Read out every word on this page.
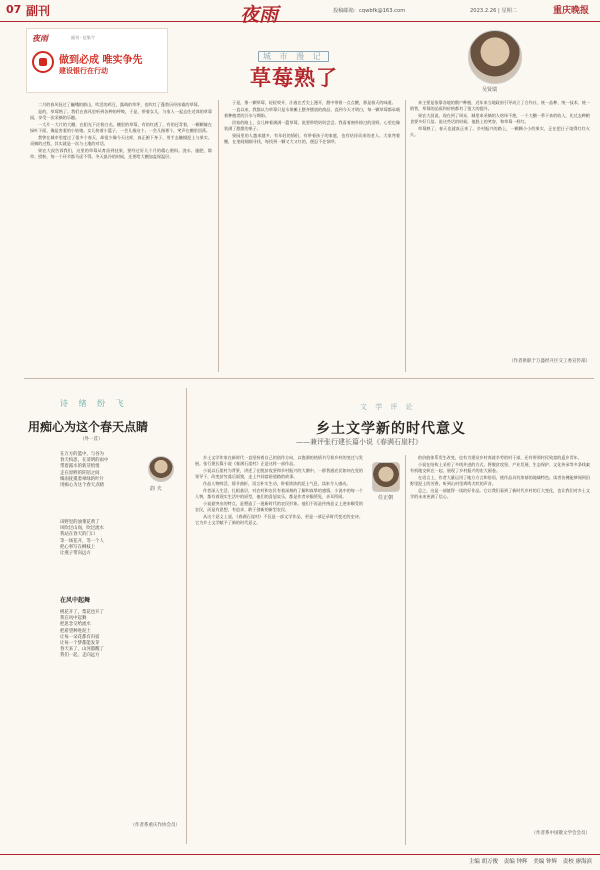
07 副刊	夜雨	投稿邮箱：cqwbfk@163.com	2023.2.26 | 星期二	重庆晚报
夜雨	副刊 · 征集令
做到必成 唯实争先
建设银行在行动
城 市 漫 记
草莓熟了	吴贤瑞

二月的春风抚过了巍峨的群山，吹活的鸡豆，露萌的草坪，也吹红了蓬勃历经冰霜的草莓。

是的，草莓熟了。我们在春风里听到各种的呼唤，于是，带着女儿，与家人一起去往近郊的草莓园，享受一次采摘的乐趣。

一大片一大片的大棚，在阳光下泛着白光。棚里的草莓，有的红透了，有的还青着，一颗颗躲在绿叶下面，像是害羞的小姑娘。女儿挎着小篮子，一会儿指这个，一会儿指那个，笑声在棚里回荡。

我曾在城市里度过了很多个春天，却很少像今天这样，真正俯下身子，用手去触摸泥土与果实。采摘的过程，其实就是一次与土地的对话。

果农大叔告诉我们，这里的草莓从育苗到挂果，要经过好几个月的精心照料。浇水、施肥、除草、授粉，每一个环节都马虎不得。冬天最冷的时候，还要给大棚加盖保温层。

子是，推一颗草莓，轻轻咬开，汁液在舌尖上漫开，甜中带着一点点酸，那是春天的味道。

一直以来，我都以为草莓只是水果摊上整齐摆放的商品。直到今天才明白，每一颗草莓都承载着种植者的汗水与期盼。

回家的路上，女儿捧着满满一篮草莓，说要带给奶奶尝尝。我看着窗外掠过的田野，心里也像装满了甜甜的果子。

果园里的人越来越多，有年轻的情侣，有带着孩子的家庭，也有结伴而来的老人。大家弯着腰，在垄间细细寻找，每找到一颗又大又红的，便忍不住惊呼。

来主要是依靠各地的散户种植，近年来当地政府引导成立了合作社，统一品种、统一技术、统一销售，草莓的品质和价格都有了很大的提升。

果农大叔说，现在到了周末，城里来采摘的人络绎不绝，一个大棚一季下来的收入，比过去种粮食要多好几倍。说这些话的时候，他脸上的笑容，和草莓一样红。

草莓熟了，春天也就真正来了。乡村振兴的路上，一颗颗小小的果实，正在把日子染得红红火火。

（作者供职于万盛经开区交工委宣传部）
诗 绪 纷 飞
用痴心为这个春天点睛
（外一首）
韵 夫
在万方的篮中，与谷为
春天构思，在清明的雨中
带着露水的新芽悄悄
走在原野的阡陌之间
细雨抚摸着翠绿的叶片
用痴心为这个春天点睛
田野里的油菜花黄了
风吹过山岗，吹过流水
我站在春天的门口
等一场花开，等一个人
把心事写在柳枝上
让燕子带向远方
在风中起舞
桃花开了，梨花也开了
我在风中起舞
把思念交给流水
把希望种进泥土
让每一朵花都有归宿
让每一个梦都能发芽
春天来了，山河都醒了
我们一起，走向远方
（作者系重庆作协会员）
文 学 评 论
乡土文学新的时代意义
——兼评张行建长篇小说《春满石崖村》
任正朝

乡土文学作家在新时代一直坚持着自己的创作方向，以饱满的热情书写着乡村的变迁与发展。张行建长篇小说《春满石崖村》正是这样一部作品。

小说以石崖村为背景，讲述了在脱贫攻坚和乡村振兴的大潮中，一群普通农民如何在党的领导下，改变贫穷落后面貌，走上共同富裕道路的故事。

作品人物鲜活，情节曲折，语言朴实生动，带着浓浓的泥土气息，读来令人感动。

作者深入生活，扎根基层，对农村和农民有着深刻的了解和真挚的感情。小说中的每一个人物，都有着现实生活中的原型，他们的喜怒哀乐，都是作者亲眼所见、亲耳所闻。

小说最突出的特点，是塑造了一批新时代的农民形象。他们不再是传统意义上逆来顺受的农民，而是有思想、有追求、敢于创新的新型农民。

从这个意义上说，《春满石崖村》不仅是一部文学作品，更是一部记录时代变迁的史诗。它为乡土文学赋予了新的时代意义。

的价值体系发生改变，也有为建设乡村奔波辛劳的村干部，还有带领村民致富的返乡青年。

小说在结构上采用了多线并进的方式，将脱贫攻坚、产业发展、生态保护、文化传承等多条线索有机地交织在一起，展现了乡村振兴的宏大画卷。

在语言上，作者大量运用了地方方言和俗语，使作品具有浓郁的地域特色。读者仿佛能够闻到田野里泥土的芳香，听到山村里鸡鸣犬吠的声音。

总之，这是一部值得一读的好作品。它让我们看到了新时代乡村的巨大变化，也让我们对乡土文学的未来充满了信心。

（作者系中国散文学会会员）
主编 胡万俊 责编 钟辉 美编 钟辉 责校 廖海滨
